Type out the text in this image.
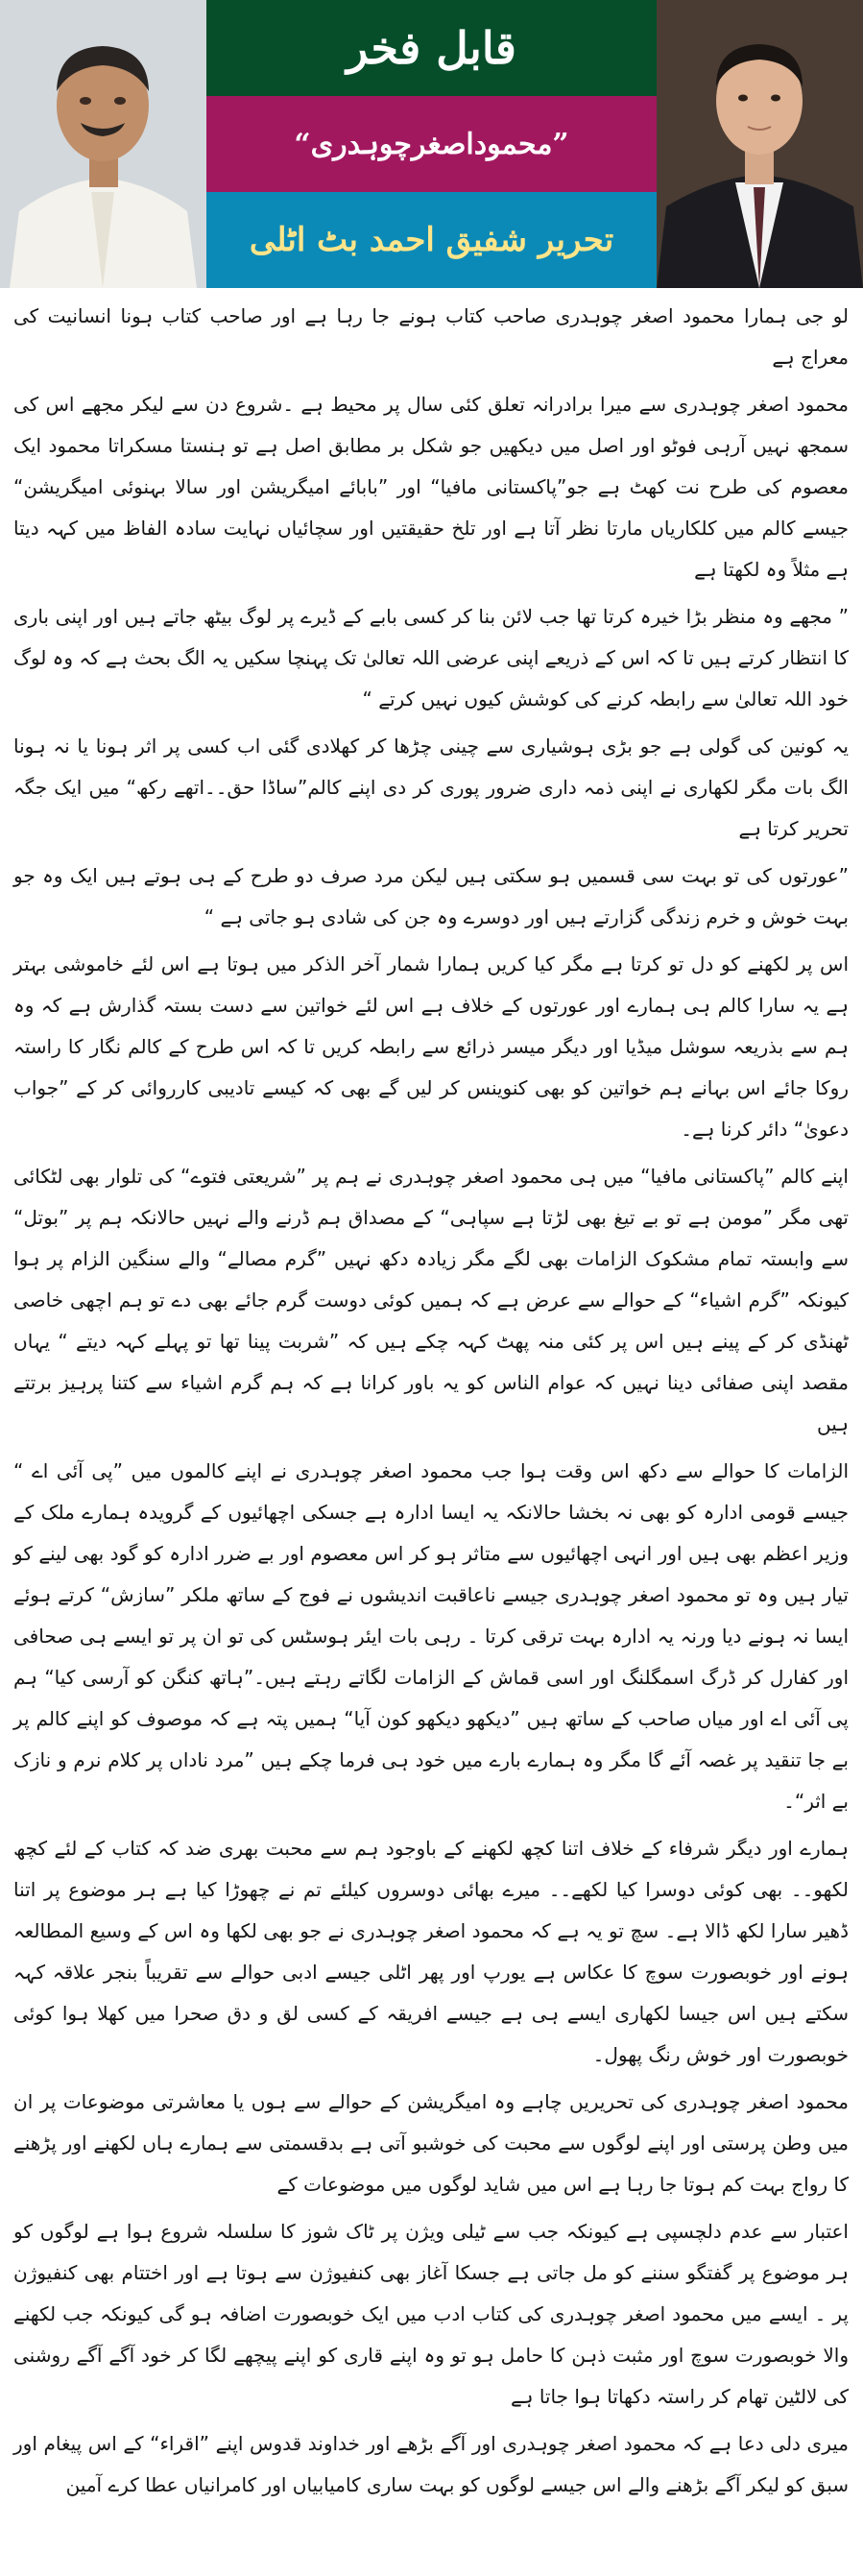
قابل فخر
”محموداصغرچوہدری“
تحریر شفیق احمد بٹ اٹلی

لو جی ہمارا محمود اصغر چوہدری صاحب کتاب ہونے جا رہا ہے اور صاحب کتاب ہونا انسانیت کی معراج ہے

محمود اصغر چوہدری سے میرا برادرانہ تعلق کئی سال پر محیط ہے ۔شروع دن سے لیکر مجھے اس کی سمجھ نہیں آرہی فوٹو اور اصل میں دیکھیں جو شکل بر مطابق اصل ہے تو ہنستا مسکراتا محمود ایک معصوم کی طرح نت کھٹ ہے جو”پاکستانی مافیا“ اور ”بابائے امیگریشن اور سالا بہنوئی امیگریشن“ جیسے کالم میں کلکاریاں مارتا نظر آتا ہے اور تلخ حقیقتیں اور سچائیاں نہایت سادہ الفاظ میں کہہ دیتا ہے مثلاً وہ لکھتا ہے

” مجھے وہ منظر بڑا خیرہ کرتا تھا جب لائن بنا کر کسی بابے کے ڈیرے پر لوگ بیٹھ جاتے ہیں اور اپنی باری کا انتظار کرتے ہیں تا کہ اس کے ذریعے اپنی عرضی اللہ تعالیٰ تک پہنچا سکیں یہ الگ بحث ہے کہ وہ لوگ خود اللہ تعالیٰ سے رابطہ کرنے کی کوشش کیوں نہیں کرتے “

یہ کونین کی گولی ہے جو بڑی ہوشیاری سے چینی چڑھا کر کھلادی گئی اب کسی پر اثر ہونا یا نہ ہونا الگ بات مگر لکھاری نے اپنی ذمہ داری ضرور پوری کر دی اپنے کالم”ساڈا حق۔۔اتھے رکھ“ میں ایک جگہ تحریر کرتا ہے

”عورتوں کی تو بہت سی قسمیں ہو سکتی ہیں لیکن مرد صرف دو طرح کے ہی ہوتے ہیں ایک وہ جو بہت خوش و خرم زندگی گزارتے ہیں اور دوسرے وہ جن کی شادی ہو جاتی ہے “

اس پر لکھنے کو دل تو کرتا ہے مگر کیا کریں ہمارا شمار آخر الذکر میں ہوتا ہے اس لئے خاموشی بہتر ہے یہ سارا کالم ہی ہمارے اور عورتوں کے خلاف ہے اس لئے خواتین سے دست بستہ گذارش ہے کہ وہ ہم سے بذریعہ سوشل میڈیا اور دیگر میسر ذرائع سے رابطہ کریں تا کہ اس طرح کے کالم نگار کا راستہ روکا جائے اس بہانے ہم خواتین کو بھی کنوینس کر لیں گے بھی کہ کیسے تادیبی کارروائی کر کے ”جواب دعویٰ“ دائر کرنا ہے۔

اپنے کالم ”پاکستانی مافیا“ میں ہی محمود اصغر چوہدری نے ہم پر ”شریعتی فتوے“ کی تلوار بھی لٹکائی تھی مگر ”مومن ہے تو بے تیغ بھی لڑتا ہے سپاہی“ کے مصداق ہم ڈرنے والے نہیں حالانکہ ہم پر ”بوتل“ سے وابستہ تمام مشکوک الزامات بھی لگے مگر زیادہ دکھ نہیں ”گرم مصالے“ والے سنگین الزام پر ہوا کیونکہ ”گرم اشیاء“ کے حوالے سے عرض ہے کہ ہمیں کوئی دوست گرم جائے بھی دے تو ہم اچھی خاصی ٹھنڈی کر کے پینے ہیں اس پر کئی منہ پھٹ کہہ چکے ہیں کہ ”شربت پینا تھا تو پہلے کہہ دیتے “ یہاں مقصد اپنی صفائی دینا نہیں کہ عوام الناس کو یہ باور کرانا ہے کہ ہم گرم اشیاء سے کتنا پرہیز برتتے ہیں

الزامات کا حوالے سے دکھ اس وقت ہوا جب محمود اصغر چوہدری نے اپنے کالموں میں ”پی آئی اے “ جیسے قومی ادارہ کو بھی نہ بخشا حالانکہ یہ ایسا ادارہ ہے جسکی اچھائیوں کے گرویدہ ہمارے ملک کے وزیر اعظم بھی ہیں اور انہی اچھائیوں سے متاثر ہو کر اس معصوم اور بے ضرر ادارہ کو گود بھی لینے کو تیار ہیں وہ تو محمود اصغر چوہدری جیسے ناعاقبت اندیشوں نے فوج کے ساتھ ملکر ”سازش“ کرتے ہوئے ایسا نہ ہونے دیا ورنہ یہ ادارہ بہت ترقی کرتا ۔ رہی بات ایئر ہوسٹس کی تو ان پر تو ایسے ہی صحافی اور کفارل کر ڈرگ اسمگلنگ اور اسی قماش کے الزامات لگاتے رہتے ہیں۔”ہاتھ کنگن کو آرسی کیا“ ہم پی آئی اے اور میاں صاحب کے ساتھ ہیں ”دیکھو دیکھو کون آیا“ ہمیں پتہ ہے کہ موصوف کو اپنے کالم پر بے جا تنقید پر غصہ آئے گا مگر وہ ہمارے بارے میں خود ہی فرما چکے ہیں ”مرد ناداں پر کلام نرم و نازک بے اثر“۔

ہمارے اور دیگر شرفاء کے خلاف اتنا کچھ لکھنے کے باوجود ہم سے محبت بھری ضد کہ کتاب کے لئے کچھ لکھو۔۔ بھی کوئی دوسرا کیا لکھے۔۔ میرے بھائی دوسروں کیلئے تم نے چھوڑا کیا ہے ہر موضوع پر اتنا ڈھیر سارا لکھ ڈالا ہے۔ سچ تو یہ ہے کہ محمود اصغر چوہدری نے جو بھی لکھا وہ اس کے وسیع المطالعہ ہونے اور خوبصورت سوچ کا عکاس ہے یورپ اور پھر اٹلی جیسے ادبی حوالے سے تقریباً بنجر علاقہ کہہ سکتے ہیں اس جیسا لکھاری ایسے ہی ہے جیسے افریقہ کے کسی لق و دق صحرا میں کھلا ہوا کوئی خوبصورت اور خوش رنگ پھول۔

محمود اصغر چوہدری کی تحریریں چاہے وہ امیگریشن کے حوالے سے ہوں یا معاشرتی موضوعات پر ان میں وطن پرستی اور اپنے لوگوں سے محبت کی خوشبو آتی ہے بدقسمتی سے ہمارے ہاں لکھنے اور پڑھنے کا رواج بہت کم ہوتا جا رہا ہے اس میں شاید لوگوں میں موضوعات کے

اعتبار سے عدم دلچسپی ہے کیونکہ جب سے ٹیلی ویژن پر ٹاک شوز کا سلسلہ شروع ہوا ہے لوگوں کو ہر موضوع پر گفتگو سننے کو مل جاتی ہے جسکا آغاز بھی کنفیوژن سے ہوتا ہے اور اختتام بھی کنفیوژن پر ۔ ایسے میں محمود اصغر چوہدری کی کتاب ادب میں ایک خوبصورت اضافہ ہو گی کیونکہ جب لکھنے والا خوبصورت سوچ اور مثبت ذہن کا حامل ہو تو وہ اپنے قاری کو اپنے پیچھے لگا کر خود آگے آگے روشنی کی لالٹین تھام کر راستہ دکھاتا ہوا جاتا ہے

میری دلی دعا ہے کہ محمود اصغر چوہدری اور آگے بڑھے اور خداوند قدوس اپنے ”اقراء“ کے اس پیغام اور سبق کو لیکر آگے بڑھنے والے اس جیسے لوگوں کو بہت ساری کامیابیاں اور کامرانیاں عطا کرے آمین
